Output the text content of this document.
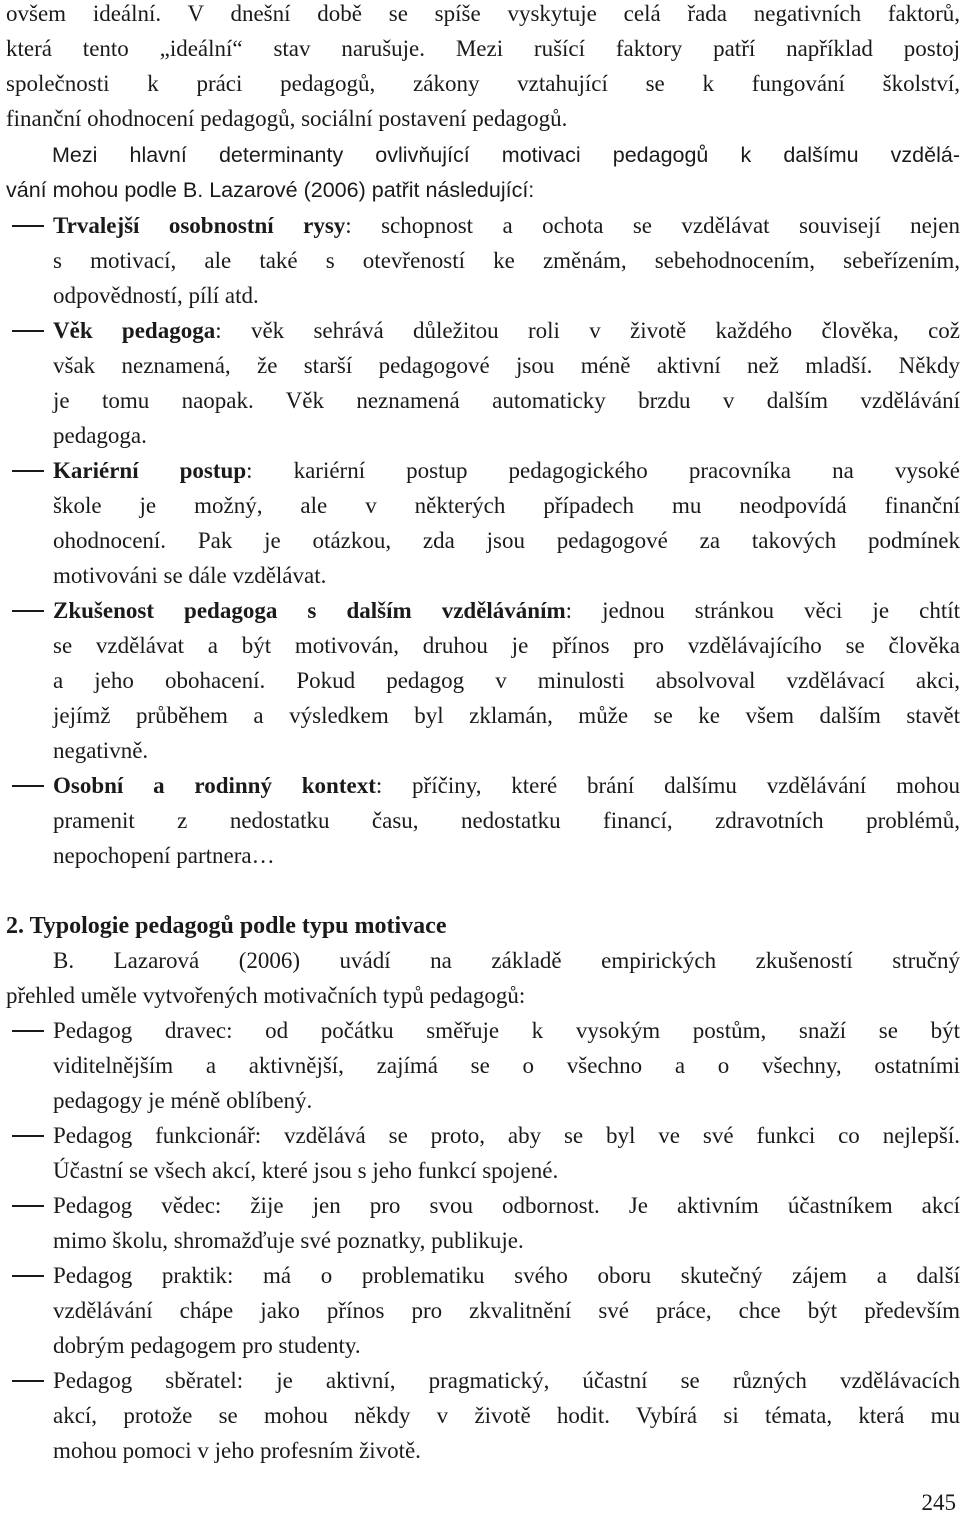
ovšem ideální. V dnešní době se spíše vyskytuje celá řada negativních faktorů,
která tento „ideální“ stav narušuje. Mezi rušící faktory patří například postoj
společnosti k práci pedagogů, zákony vztahující se k fungování školství,
finanční ohodnocení pedagogů, sociální postavení pedagogů.
Mezi hlavní determinanty ovlivňující motivaci pedagogů k dalšímu vzdělá-
vání mohou podle B. Lazarové (2006) patřit následující:
Trvalejší osobnostní rysy: schopnost a ochota se vzdělávat souvisejí nejen
s motivací, ale také s otevřeností ke změnám, sebehodnocením, sebeřízením,
odpovědností, pílí atd.
Věk pedagoga: věk sehrává důležitou roli v životě každého člověka, což
však neznamená, že starší pedagogové jsou méně aktivní než mladší. Někdy
je tomu naopak. Věk neznamená automaticky brzdu v dalším vzdělávání
pedagoga.
Kariérní postup: kariérní postup pedagogického pracovníka na vysoké
škole je možný, ale v některých případech mu neodpovídá finanční
ohodnocení. Pak je otázkou, zda jsou pedagogové za takových podmínek
motivováni se dále vzdělávat.
Zkušenost pedagoga s dalším vzděláváním: jednou stránkou věci je chtít
se vzdělávat a být motivován, druhou je přínos pro vzdělávajícího se člověka
a jeho obohacení. Pokud pedagog v minulosti absolvoval vzdělávací akci,
jejímž průběhem a výsledkem byl zklamán, může se ke všem dalším stavět
negativně.
Osobní a rodinný kontext: příčiny, které brání dalšímu vzdělávání mohou
pramenit z nedostatku času, nedostatku financí, zdravotních problémů,
nepochopení partnera…
2. Typologie pedagogů podle typu motivace
B. Lazarová (2006) uvádí na základě empirických zkušeností stručný
přehled uměle vytvořených motivačních typů pedagogů:
Pedagog dravec: od počátku směřuje k vysokým postům, snaží se být
viditelnějším a aktivnější, zajímá se o všechno a o všechny, ostatními
pedagogy je méně oblíbený.
Pedagog funkcionář: vzdělává se proto, aby se byl ve své funkci co nejlepší.
Účastní se všech akcí, které jsou s jeho funkcí spojené.
Pedagog vědec: žije jen pro svou odbornost. Je aktivním účastníkem akcí
mimo školu, shromažďuje své poznatky, publikuje.
Pedagog praktik: má o problematiku svého oboru skutečný zájem a další
vzdělávání chápe jako přínos pro zkvalitnění své práce, chce být především
dobrým pedagogem pro studenty.
Pedagog sběratel: je aktivní, pragmatický, účastní se různých vzdělávacích
akcí, protože se mohou někdy v životě hodit. Vybírá si témata, která mu
mohou pomoci v jeho profesním životě.
245
